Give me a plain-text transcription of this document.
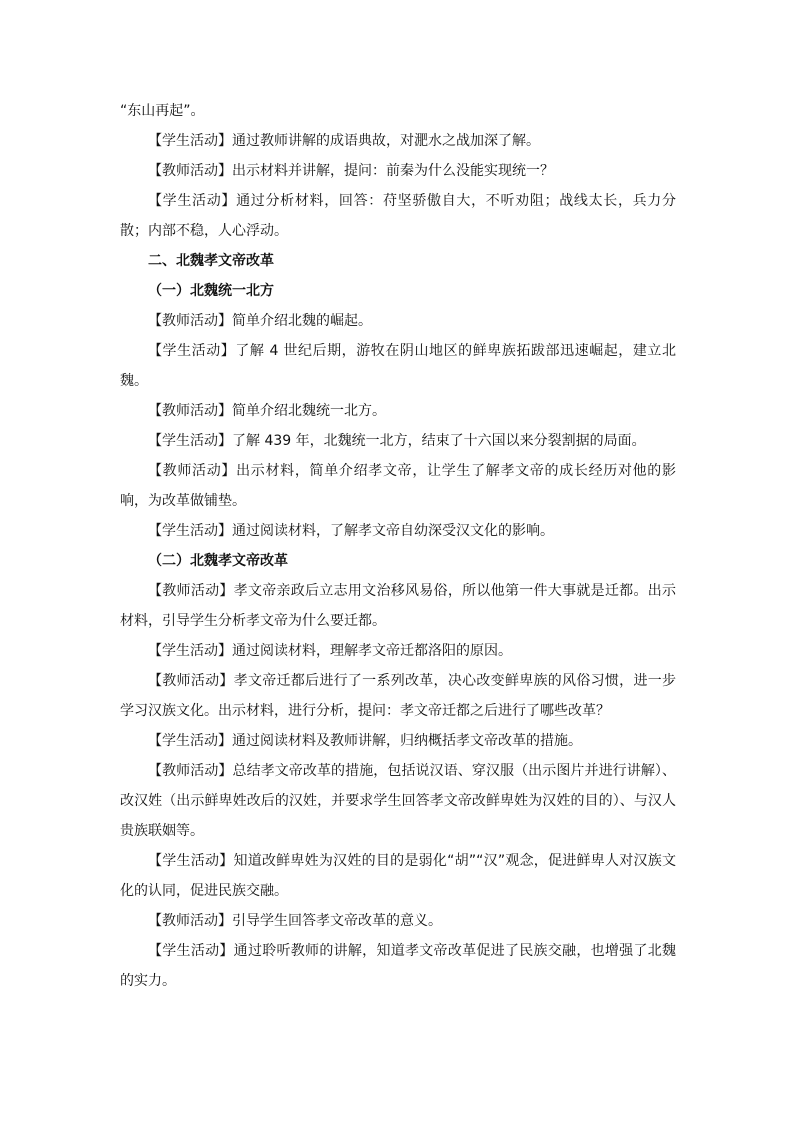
“东山再起”。

【学生活动】通过教师讲解的成语典故，对淝水之战加深了解。

【教师活动】出示材料并讲解，提问：前秦为什么没能实现统一？

【学生活动】通过分析材料，回答：苻坚骄傲自大，不听劝阻；战线太长，兵力分散；内部不稳，人心浮动。

二、北魏孝文帝改革

（一）北魏统一北方

【教师活动】简单介绍北魏的崛起。

【学生活动】了解 4 世纪后期，游牧在阴山地区的鲜卑族拓跋部迅速崛起，建立北魏。

【教师活动】简单介绍北魏统一北方。

【学生活动】了解 439 年，北魏统一北方，结束了十六国以来分裂割据的局面。

【教师活动】出示材料，简单介绍孝文帝，让学生了解孝文帝的成长经历对他的影响，为改革做铺垫。

【学生活动】通过阅读材料，了解孝文帝自幼深受汉文化的影响。

（二）北魏孝文帝改革

【教师活动】孝文帝亲政后立志用文治移风易俗，所以他第一件大事就是迁都。出示材料，引导学生分析孝文帝为什么要迁都。

【学生活动】通过阅读材料，理解孝文帝迁都洛阳的原因。

【教师活动】孝文帝迁都后进行了一系列改革，决心改变鲜卑族的风俗习惯，进一步学习汉族文化。出示材料，进行分析，提问：孝文帝迁都之后进行了哪些改革？

【学生活动】通过阅读材料及教师讲解，归纳概括孝文帝改革的措施。

【教师活动】总结孝文帝改革的措施，包括说汉语、穿汉服（出示图片并进行讲解）、改汉姓（出示鲜卑姓改后的汉姓，并要求学生回答孝文帝改鲜卑姓为汉姓的目的）、与汉人贵族联姻等。

【学生活动】知道改鲜卑姓为汉姓的目的是弱化“胡”“汉”观念，促进鲜卑人对汉族文化的认同，促进民族交融。

【教师活动】引导学生回答孝文帝改革的意义。

【学生活动】通过聆听教师的讲解，知道孝文帝改革促进了民族交融，也增强了北魏的实力。
